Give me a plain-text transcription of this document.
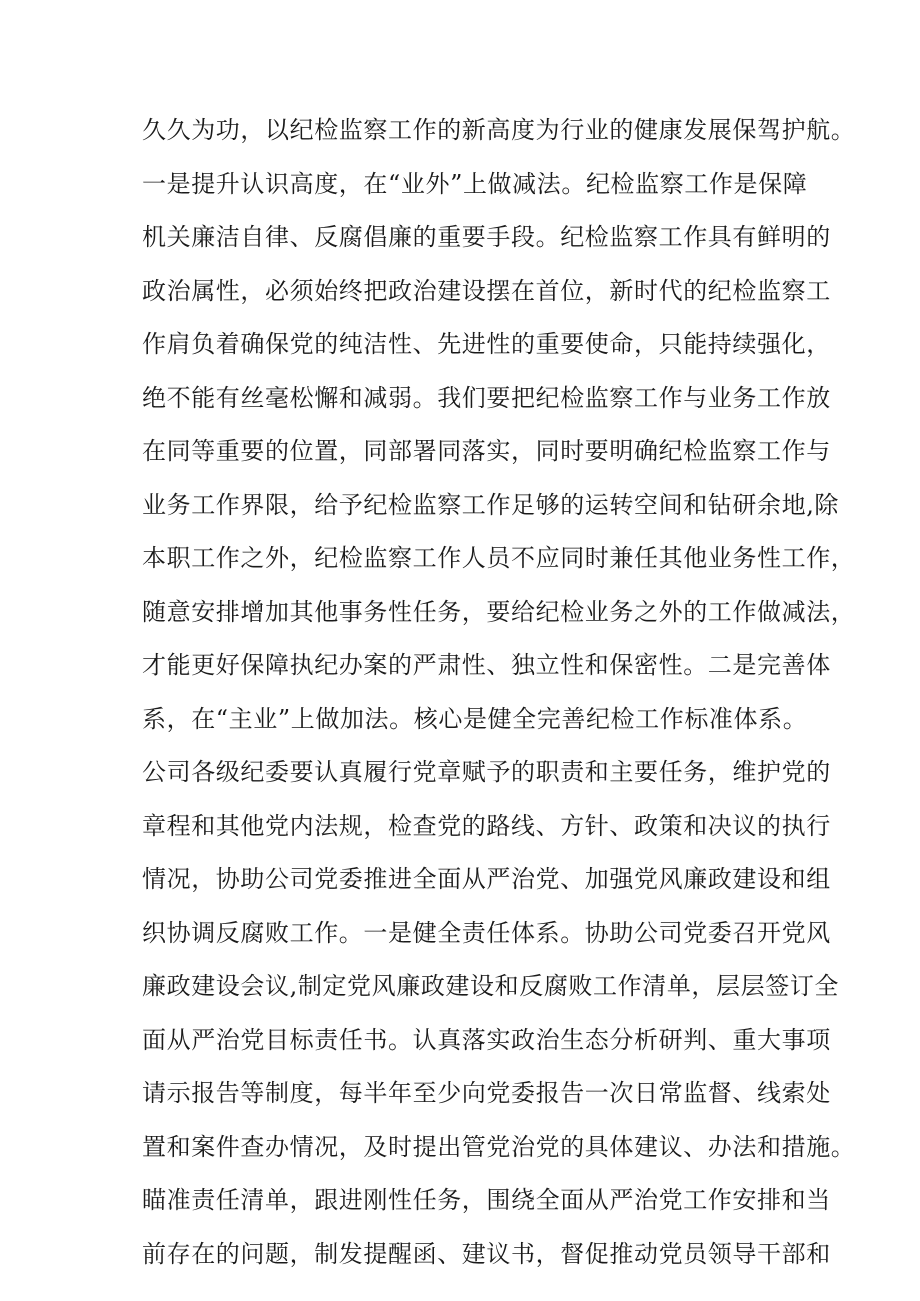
久久为功，以纪检监察工作的新高度为行业的健康发展保驾护航。
一是提升认识高度，在“业外”上做减法。纪检监察工作是保障
机关廉洁自律、反腐倡廉的重要手段。纪检监察工作具有鲜明的
政治属性，必须始终把政治建设摆在首位，新时代的纪检监察工
作肩负着确保党的纯洁性、先进性的重要使命，只能持续强化，
绝不能有丝毫松懈和减弱。我们要把纪检监察工作与业务工作放
在同等重要的位置，同部署同落实，同时要明确纪检监察工作与
业务工作界限，给予纪检监察工作足够的运转空间和钻研余地,除
本职工作之外，纪检监察工作人员不应同时兼任其他业务性工作，
随意安排增加其他事务性任务，要给纪检业务之外的工作做减法，
才能更好保障执纪办案的严肃性、独立性和保密性。二是完善体
系，在“主业”上做加法。核心是健全完善纪检工作标准体系。
公司各级纪委要认真履行党章赋予的职责和主要任务，维护党的
章程和其他党内法规，检查党的路线、方针、政策和决议的执行
情况，协助公司党委推进全面从严治党、加强党风廉政建设和组
织协调反腐败工作。一是健全责任体系。协助公司党委召开党风
廉政建设会议,制定党风廉政建设和反腐败工作清单，层层签订全
面从严治党目标责任书。认真落实政治生态分析研判、重大事项
请示报告等制度，每半年至少向党委报告一次日常监督、线索处
置和案件查办情况，及时提出管党治党的具体建议、办法和措施。
瞄准责任清单，跟进刚性任务，围绕全面从严治党工作安排和当
前存在的问题，制发提醒函、建议书，督促推动党员领导干部和
